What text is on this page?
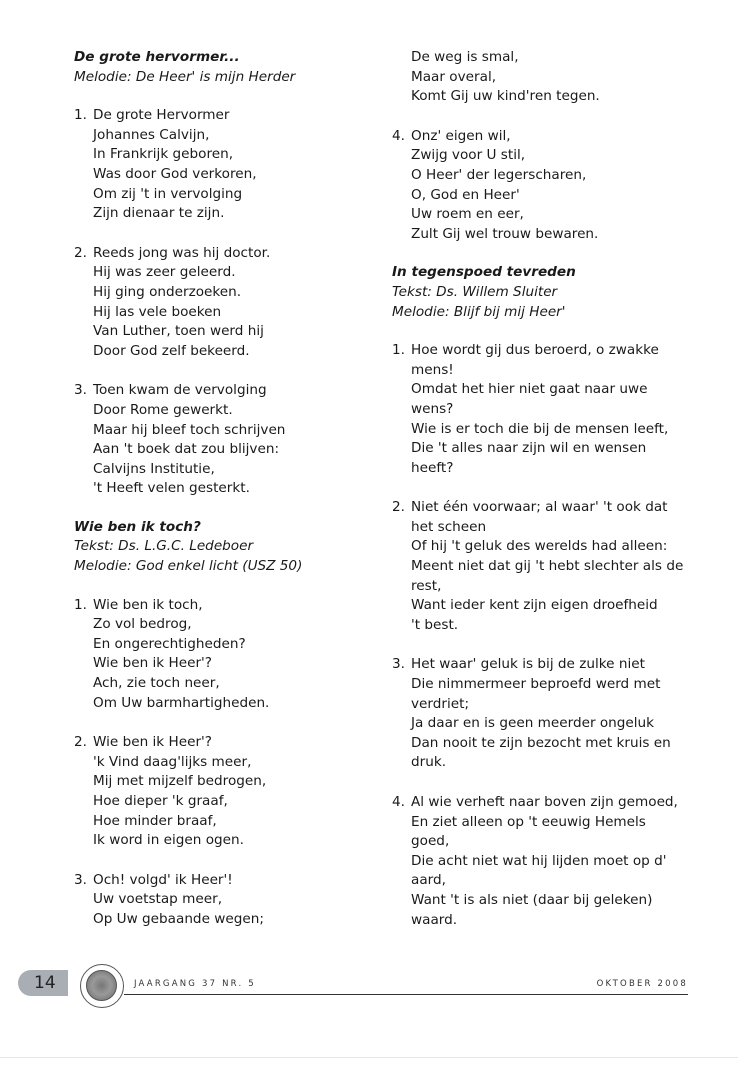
De grote hervormer...
Melodie: De Heer' is mijn Herder
1. De grote Hervormer
Johannes Calvijn,
In Frankrijk geboren,
Was door God verkoren,
Om zij 't in vervolging
Zijn dienaar te zijn.
2. Reeds jong was hij doctor.
Hij was zeer geleerd.
Hij ging onderzoeken.
Hij las vele boeken
Van Luther, toen werd hij
Door God zelf bekeerd.
3. Toen kwam de vervolging
Door Rome gewerkt.
Maar hij bleef toch schrijven
Aan 't boek dat zou blijven:
Calvijns Institutie,
't Heeft velen gesterkt.
Wie ben ik toch?
Tekst: Ds. L.G.C. Ledeboer
Melodie: God enkel licht (USZ 50)
1. Wie ben ik toch,
Zo vol bedrog,
En ongerechtigheden?
Wie ben ik Heer'?
Ach, zie toch neer,
Om Uw barmhartigheden.
2. Wie ben ik Heer'?
'k Vind daag'lijks meer,
Mij met mijzelf bedrogen,
Hoe dieper 'k graaf,
Hoe minder braaf,
Ik word in eigen ogen.
3. Och! volgd' ik Heer'!
Uw voetstap meer,
Op Uw gebaande wegen;
De weg is smal,
Maar overal,
Komt Gij uw kind'ren tegen.
4. Onz' eigen wil,
Zwijg voor U stil,
O Heer' der legerscharen,
O, God en Heer'
Uw roem en eer,
Zult Gij wel trouw bewaren.
In tegenspoed tevreden
Tekst: Ds. Willem Sluiter
Melodie: Blijf bij mij Heer'
1. Hoe wordt gij dus beroerd, o zwakke
mens!
Omdat het hier niet gaat naar uwe
wens?
Wie is er toch die bij de mensen leeft,
Die 't alles naar zijn wil en wensen
heeft?
2. Niet één voorwaar; al waar' 't ook dat
het scheen
Of hij 't geluk des werelds had alleen:
Meent niet dat gij 't hebt slechter als de
rest,
Want ieder kent zijn eigen droefheid
't best.
3. Het waar' geluk is bij de zulke niet
Die nimmermeer beproefd werd met
verdriet;
Ja daar en is geen meerder ongeluk
Dan nooit te zijn bezocht met kruis en
druk.
4. Al wie verheft naar boven zijn gemoed,
En ziet alleen op 't eeuwig Hemels
goed,
Die acht niet wat hij lijden moet op d'
aard,
Want 't is als niet (daar bij geleken)
waard.
14	JAARGANG 37 NR. 5	OKTOBER 2008
